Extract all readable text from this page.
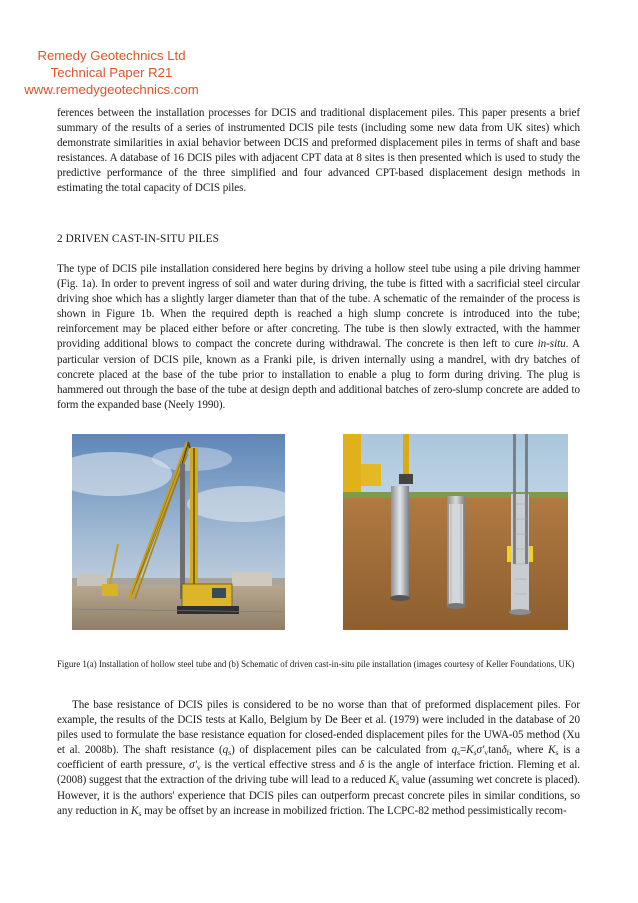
Remedy Geotechnics Ltd
Technical Paper R21
www.remedygeotechnics.com

ferences between the installation processes for DCIS and traditional displacement piles. This paper presents a brief summary of the results of a series of instrumented DCIS pile tests (including some new data from UK sites) which demonstrate similarities in axial behavior between DCIS and preformed displacement piles in terms of shaft and base resistances. A database of 16 DCIS piles with adjacent CPT data at 8 sites is then presented which is used to study the predictive performance of the three simplified and four advanced CPT-based displacement design methods in estimating the total capacity of DCIS piles.

2 DRIVEN CAST-IN-SITU PILES

The type of DCIS pile installation considered here begins by driving a hollow steel tube using a pile driving hammer (Fig. 1a). In order to prevent ingress of soil and water during driving, the tube is fitted with a sacrificial steel circular driving shoe which has a slightly larger diameter than that of the tube. A schematic of the remainder of the process is shown in Figure 1b. When the required depth is reached a high slump concrete is introduced into the tube; reinforcement may be placed either before or after concreting. The tube is then slowly extracted, with the hammer providing additional blows to compact the concrete during withdrawal. The concrete is then left to cure in-situ. A particular version of DCIS pile, known as a Franki pile, is driven internally using a mandrel, with dry batches of concrete placed at the base of the tube prior to installation to enable a plug to form during driving. The plug is hammered out through the base of the tube at design depth and additional batches of zero-slump concrete are added to form the expanded base (Neely 1990).

Figure 1(a) Installation of hollow steel tube and (b) Schematic of driven cast-in-situ pile installation (images courtesy of Keller Foundations, UK)

The base resistance of DCIS piles is considered to be no worse than that of preformed displacement piles. For example, the results of the DCIS tests at Kallo, Belgium by De Beer et al. (1979) were included in the database of 20 piles used to formulate the base resistance equation for closed-ended displacement piles for the UWA-05 method (Xu et al. 2008b). The shaft resistance $(q_s)$ of displacement piles can be calculated from $q_s=K_s\sigma'_v\tan\delta_f$, where $K_s$ is a coefficient of earth pressure, $\sigma'_v$ is the vertical effective stress and δ is the angle of interface friction. Fleming et al. (2008) suggest that the extraction of the driving tube will lead to a reduced $K_s$ value (assuming wet concrete is placed). However, it is the authors' experience that DCIS piles can outperform precast concrete piles in similar conditions, so any reduction in $K_s$ may be offset by an increase in mobilized friction. The LCPC-82 method pessimistically recom-
